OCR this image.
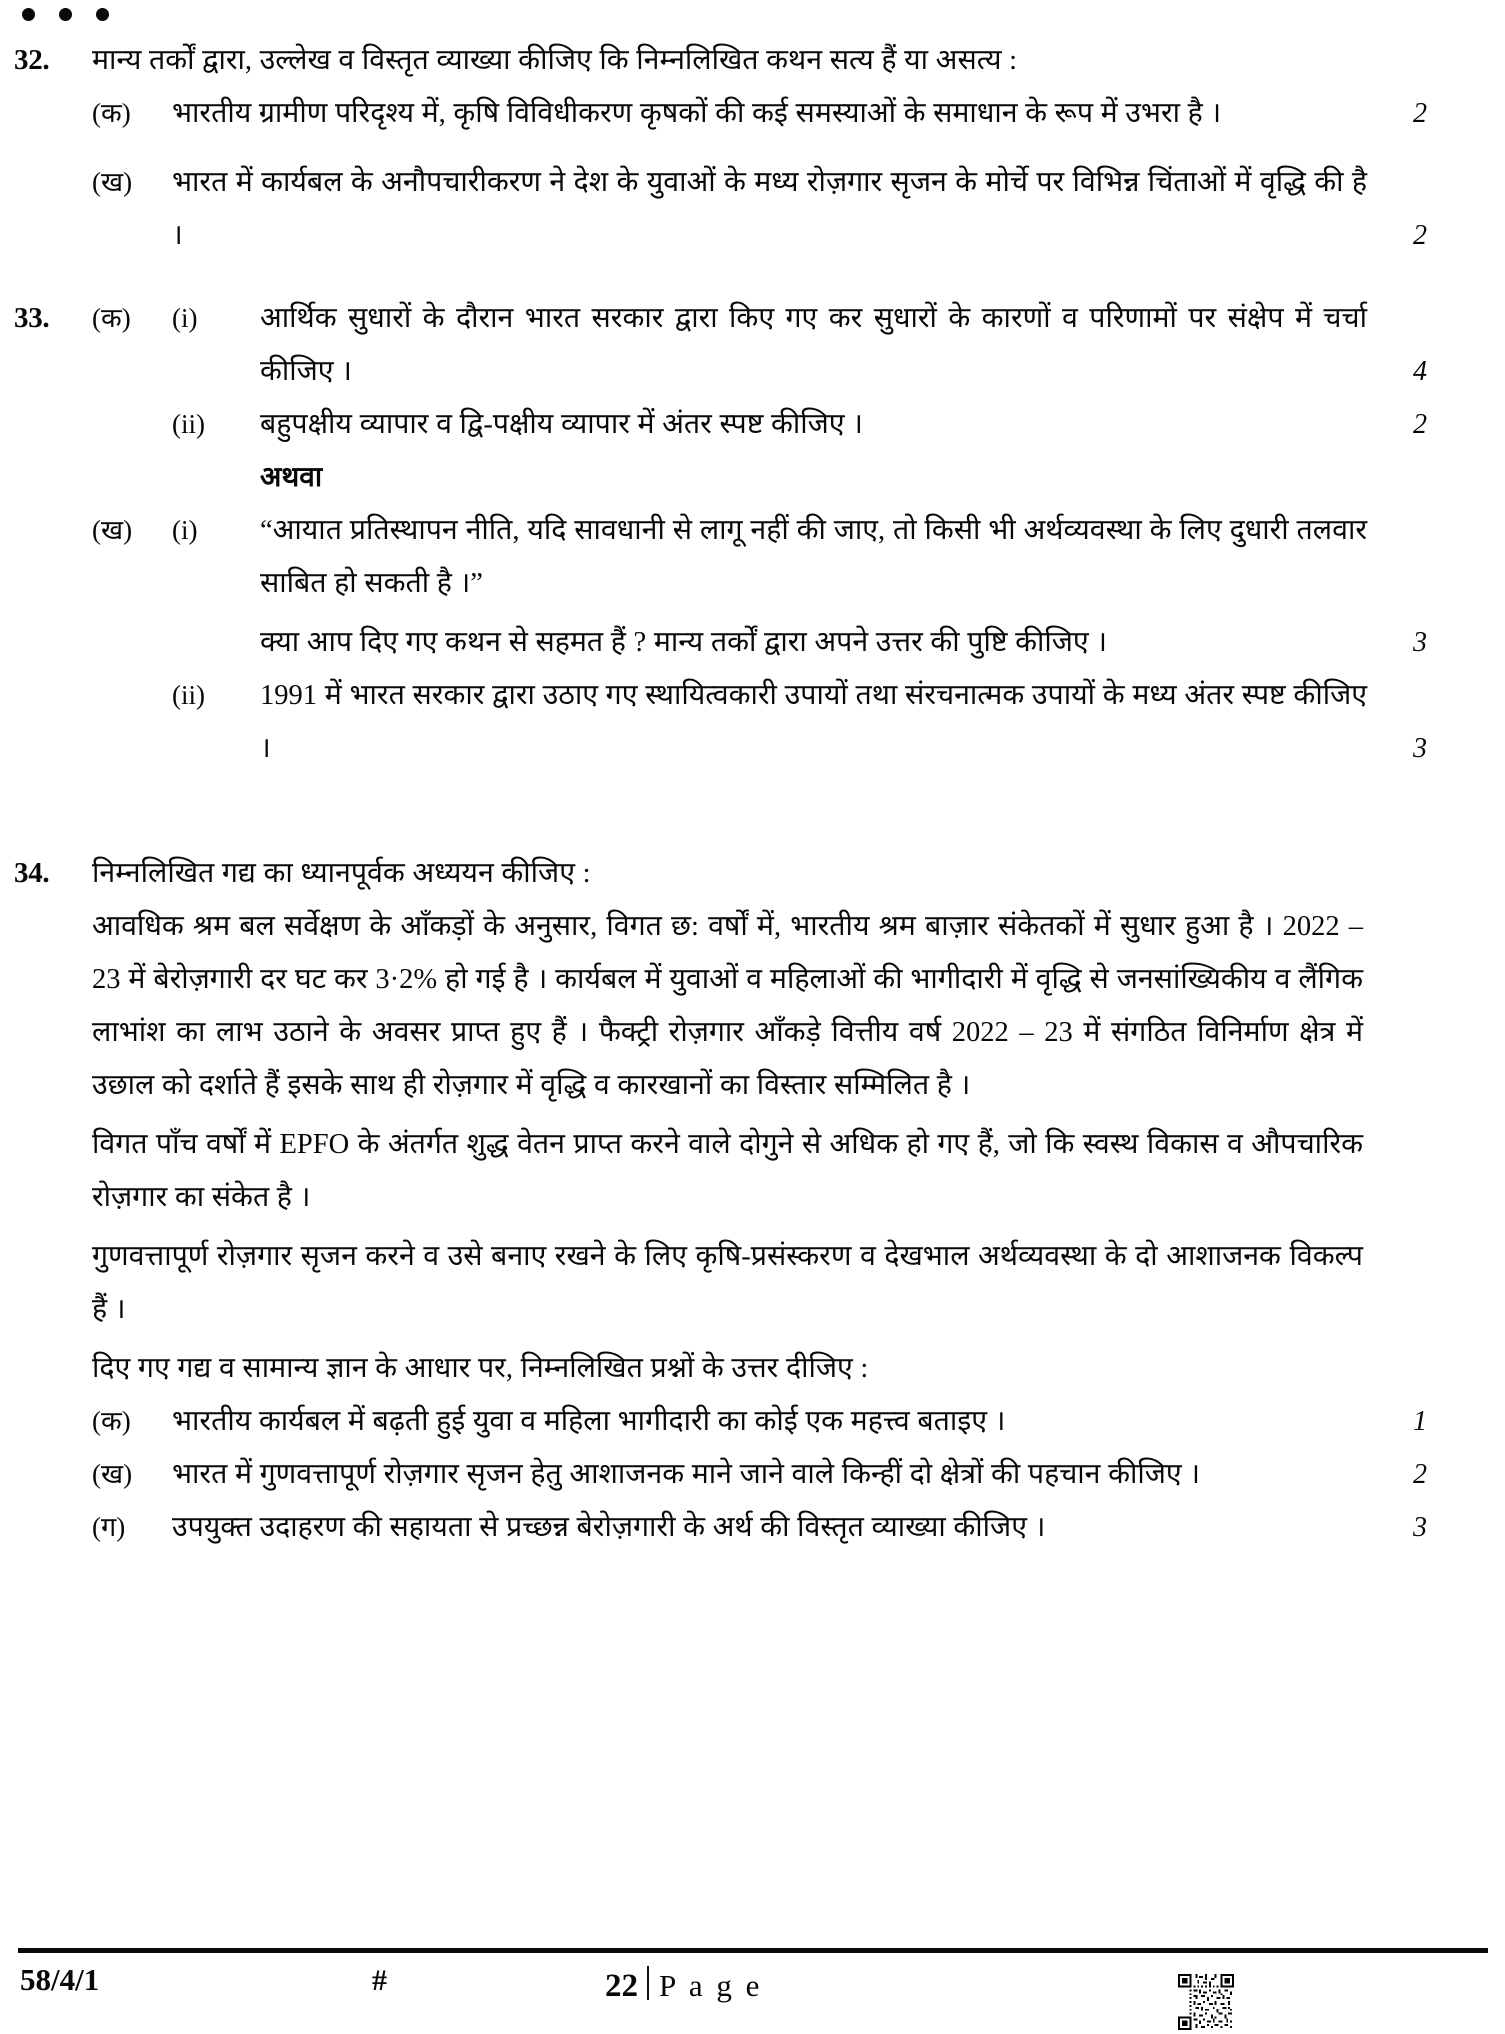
32.	मान्य तर्कों द्वारा, उल्लेख व विस्तृत व्याख्या कीजिए कि निम्नलिखित कथन सत्य हैं या असत्य :
(क)	भारतीय ग्रामीण परिदृश्य में, कृषि विविधीकरण कृषकों की कई समस्याओं के समाधान के रूप में उभरा है ।	2
(ख)	भारत में कार्यबल के अनौपचारीकरण ने देश के युवाओं के मध्य रोज़गार सृजन के मोर्चे पर विभिन्न चिंताओं में वृद्धि की है ।	2
33.	(क)	(i)	आर्थिक सुधारों के दौरान भारत सरकार द्वारा किए गए कर सुधारों के कारणों व परिणामों पर संक्षेप में चर्चा कीजिए ।	4
(ii)	बहुपक्षीय व्यापार व द्वि-पक्षीय व्यापार में अंतर स्पष्ट कीजिए ।	2
अथवा
(ख)	(i)	“आयात प्रतिस्थापन नीति, यदि सावधानी से लागू नहीं की जाए, तो किसी भी अर्थव्यवस्था के लिए दुधारी तलवार साबित हो सकती है ।”
क्या आप दिए गए कथन से सहमत हैं ? मान्य तर्कों द्वारा अपने उत्तर की पुष्टि कीजिए ।	3
(ii)	1991 में भारत सरकार द्वारा उठाए गए स्थायित्वकारी उपायों तथा संरचनात्मक उपायों के मध्य अंतर स्पष्ट कीजिए ।	3
34.	निम्नलिखित गद्य का ध्यानपूर्वक अध्ययन कीजिए :
आवधिक श्रम बल सर्वेक्षण के आँकड़ों के अनुसार, विगत छ: वर्षों में, भारतीय श्रम बाज़ार संकेतकों में सुधार हुआ है । 2022 – 23 में बेरोज़गारी दर घट कर 3·2% हो गई है । कार्यबल में युवाओं व महिलाओं की भागीदारी में वृद्धि से जनसांख्यिकीय व लैंगिक लाभांश का लाभ उठाने के अवसर प्राप्त हुए हैं । फैक्ट्री रोज़गार आँकड़े वित्तीय वर्ष 2022 – 23 में संगठित विनिर्माण क्षेत्र में उछाल को दर्शाते हैं इसके साथ ही रोज़गार में वृद्धि व कारखानों का विस्तार सम्मिलित है ।
विगत पाँच वर्षों में EPFO के अंतर्गत शुद्ध वेतन प्राप्त करने वाले दोगुने से अधिक हो गए हैं, जो कि स्वस्थ विकास व औपचारिक रोज़गार का संकेत है ।
गुणवत्तापूर्ण रोज़गार सृजन करने व उसे बनाए रखने के लिए कृषि-प्रसंस्करण व देखभाल अर्थव्यवस्था के दो आशाजनक विकल्प हैं ।
दिए गए गद्य व सामान्य ज्ञान के आधार पर, निम्नलिखित प्रश्नों के उत्तर दीजिए :
(क)	भारतीय कार्यबल में बढ़ती हुई युवा व महिला भागीदारी का कोई एक महत्त्व बताइए ।	1
(ख)	भारत में गुणवत्तापूर्ण रोज़गार सृजन हेतु आशाजनक माने जाने वाले किन्हीं दो क्षेत्रों की पहचान कीजिए ।	2
(ग)	उपयुक्त उदाहरण की सहायता से प्रच्छन्न बेरोज़गारी के अर्थ की विस्तृत व्याख्या कीजिए ।	3
58/4/1	#	22 P a g e
